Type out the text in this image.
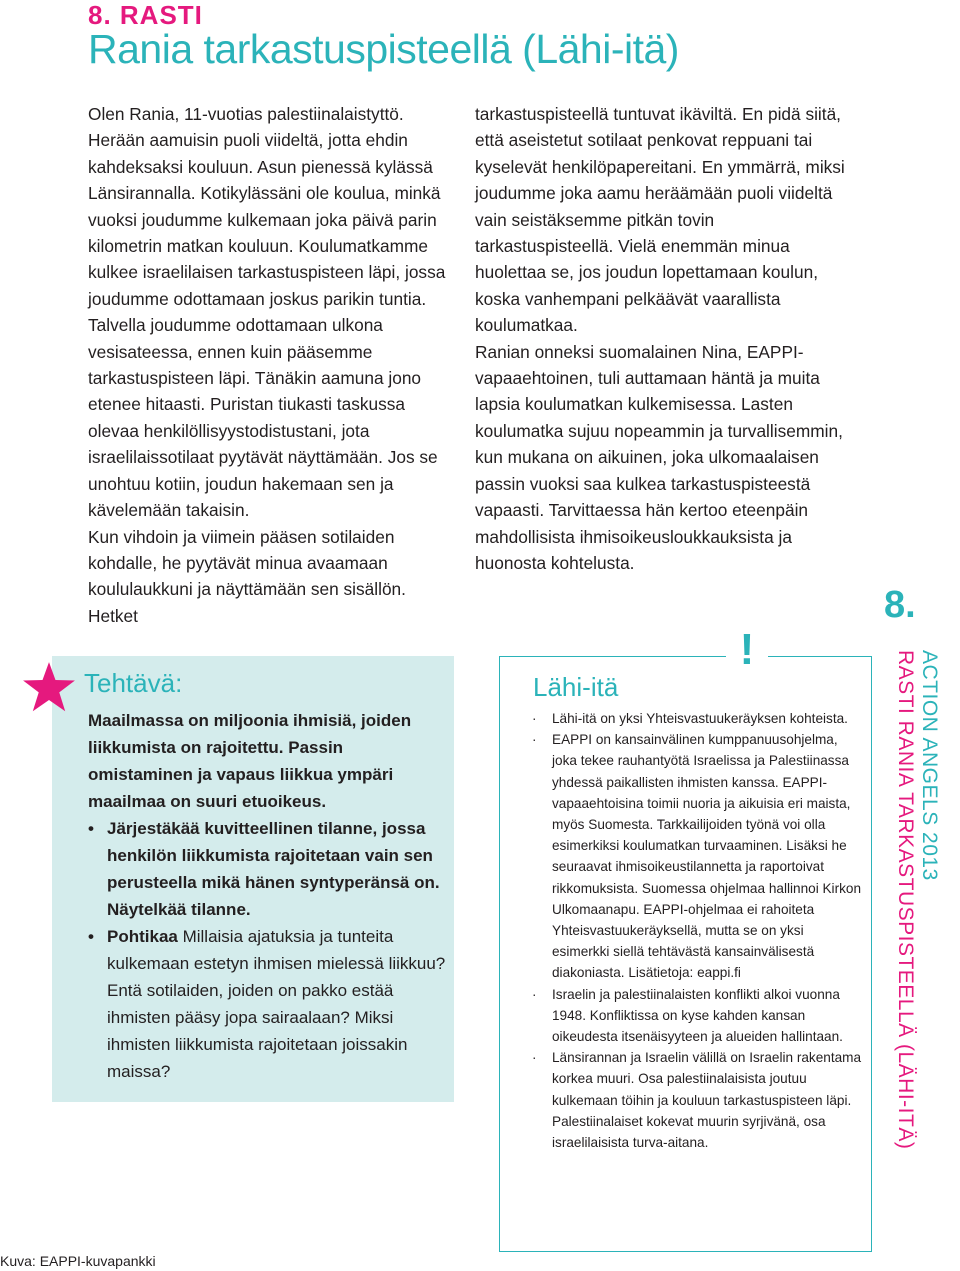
8. RASTI
Rania tarkastuspisteellä (Lähi-itä)

Olen Rania, 11-vuotias palestiinalaistyttö. Herään aamuisin puoli viideltä, jotta ehdin kahdeksaksi kouluun. Asun pienessä kylässä Länsirannalla. Kotikylässäni ole koulua, minkä vuoksi joudumme kulkemaan joka päivä parin kilometrin matkan kouluun. Koulumatkamme kulkee israelilaisen tarkastuspisteen läpi, jossa joudumme odottamaan joskus parikin tuntia. Talvella joudumme odottamaan ulkona vesisateessa, ennen kuin pääsemme tarkastuspisteen läpi. Tänäkin aamuna jono etenee hitaasti. Puristan tiukasti taskussa olevaa henkilöllisyystodistustani, jota israelilaissotilaat pyytävät näyttämään. Jos se unohtuu kotiin, joudun hakemaan sen ja kävelemään takaisin.

Kun vihdoin ja viimein pääsen sotilaiden kohdalle, he pyytävät minua avaamaan koululaukkuni ja näyttämään sen sisällön. Hetket

tarkastuspisteellä tuntuvat ikäviltä. En pidä siitä, että aseistetut sotilaat penkovat reppuani tai kyselevät henkilöpapereitani. En ymmärrä, miksi joudumme joka aamu heräämään puoli viideltä vain seistäksemme pitkän tovin tarkastuspisteellä. Vielä enemmän minua huolettaa se, jos joudun lopettamaan koulun, koska vanhempani pelkäävät vaarallista koulumatkaa.

Ranian onneksi suomalainen Nina, EAPPI-vapaaehtoinen, tuli auttamaan häntä ja muita lapsia koulumatkan kulkemisessa. Lasten koulumatka sujuu nopeammin ja turvallisemmin, kun mukana on aikuinen, joka ulkomaalaisen passin vuoksi saa kulkea tarkastuspisteestä vapaasti. Tarvittaessa hän kertoo eteenpäin mahdollisista ihmisoikeusloukkauksista ja huonosta kohtelusta.

Tehtävä:

Maailmassa on miljoonia ihmisiä, joiden liikkumista on rajoitettu. Passin omistaminen ja vapaus liikkua ympäri maailmaa on suuri etuoikeus.

• Järjestäkää kuvitteellinen tilanne, jossa henkilön liikkumista rajoitetaan vain sen perusteella mikä hänen syntyperänsä on. Näytelkää tilanne.
• Pohtikaa Millaisia ajatuksia ja tunteita kulkemaan estetyn ihmisen mielessä liikkuu? Entä sotilaiden, joiden on pakko estää ihmisten pääsy jopa sairaalaan? Miksi ihmisten liikkumista rajoitetaan joissakin maissa?
!
Lähi-itä
· Lähi-itä on yksi Yhteisvastuukeräyksen kohteista.
· EAPPI on kansainvälinen kumppanuusohjelma, joka tekee rauhantyötä Israelissa ja Palestiinassa yhdessä paikallisten ihmisten kanssa. EAPPI-vapaaehtoisina toimii nuoria ja aikuisia eri maista, myös Suomesta. Tarkkailijoiden työnä voi olla esimerkiksi koulumatkan turvaaminen. Lisäksi he seuraavat ihmisoikeustilannetta ja raportoivat rikkomuksista. Suomessa ohjelmaa hallinnoi Kirkon Ulkomaanapu. EAPPI-ohjelmaa ei rahoiteta Yhteisvastuukeräyksellä, mutta se on yksi esimerkki siellä tehtävästä kansainvälisestä diakoniasta. Lisätietoja: eappi.fi
· Israelin ja palestiinalaisten konflikti alkoi vuonna 1948. Konfliktissa on kyse kahden kansan oikeudesta itsenäisyyteen ja alueiden hallintaan.
· Länsirannan ja Israelin välillä on Israelin rakentama korkea muuri. Osa palestiinalaisista joutuu kulkemaan töihin ja kouluun tarkastuspisteen läpi. Palestiinalaiset kokevat muurin syrjivänä, osa israelilaisista turva-aitana.
8.
ACTION ANGELS 2013
RASTI RANIA TARKASTUSPISTEELLÄ (LÄHI-ITÄ)
Kuva: EAPPI-kuvapankki
